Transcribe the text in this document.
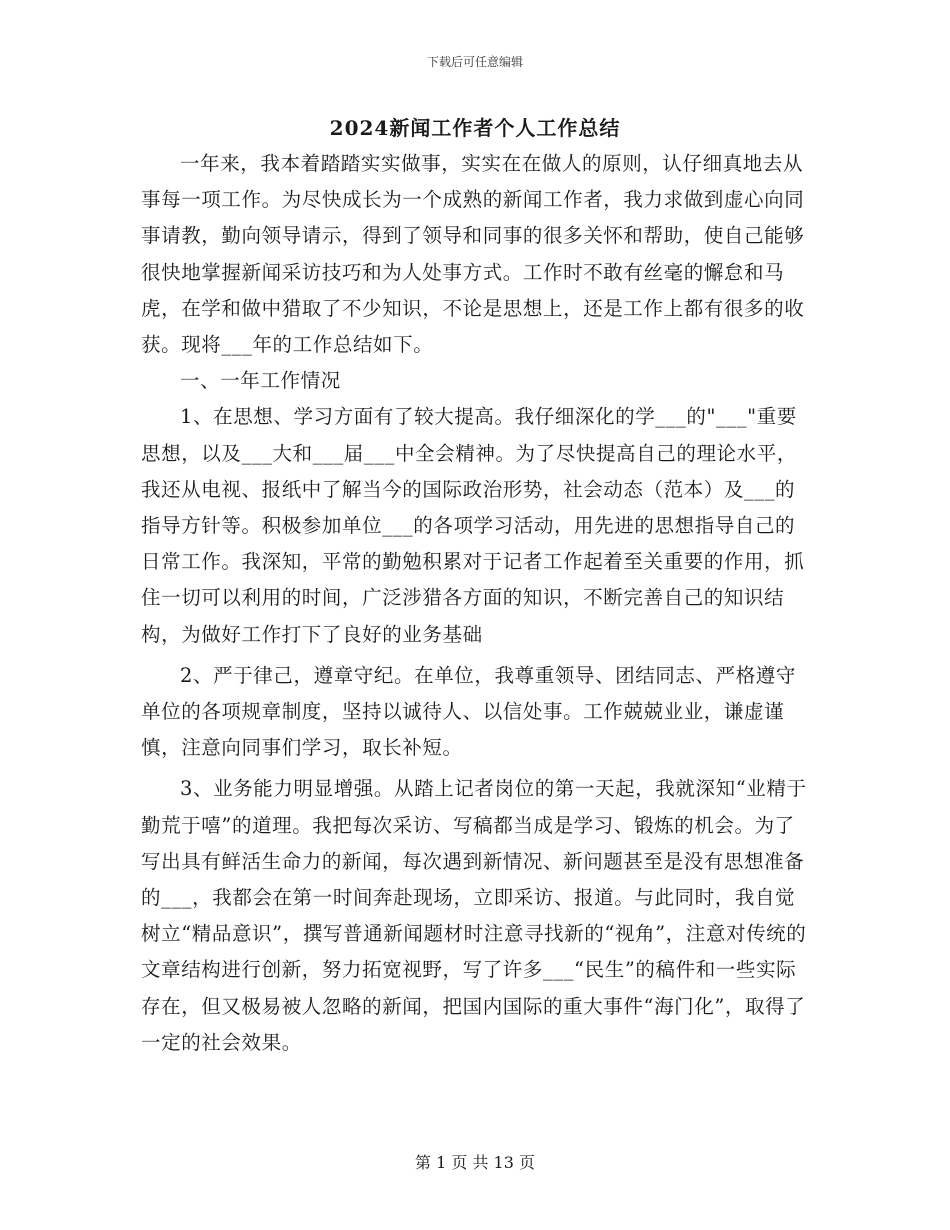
下载后可任意编辑
2024新闻工作者个人工作总结

一年来，我本着踏踏实实做事，实实在在做人的原则，认仔细真地去从事每一项工作。为尽快成长为一个成熟的新闻工作者，我力求做到虚心向同事请教，勤向领导请示，得到了领导和同事的很多关怀和帮助，使自己能够很快地掌握新闻采访技巧和为人处事方式。工作时不敢有丝毫的懈怠和马虎，在学和做中猎取了不少知识，不论是思想上，还是工作上都有很多的收获。现将___年的工作总结如下。

一、一年工作情况

1、在思想、学习方面有了较大提高。我仔细深化的学___的"___"重要思想，以及___大和___届___中全会精神。为了尽快提高自己的理论水平，我还从电视、报纸中了解当今的国际政治形势，社会动态（范本）及___的指导方针等。积极参加单位___的各项学习活动，用先进的思想指导自己的日常工作。我深知，平常的勤勉积累对于记者工作起着至关重要的作用，抓住一切可以利用的时间，广泛涉猎各方面的知识，不断完善自己的知识结构，为做好工作打下了良好的业务基础

2、严于律己，遵章守纪。在单位，我尊重领导、团结同志、严格遵守单位的各项规章制度，坚持以诚待人、以信处事。工作兢兢业业，谦虚谨慎，注意向同事们学习，取长补短。

3、业务能力明显增强。从踏上记者岗位的第一天起，我就深知“业精于勤荒于嘻”的道理。我把每次采访、写稿都当成是学习、锻炼的机会。为了写出具有鲜活生命力的新闻，每次遇到新情况、新问题甚至是没有思想准备的___，我都会在第一时间奔赴现场，立即采访、报道。与此同时，我自觉树立“精品意识”，撰写普通新闻题材时注意寻找新的“视角”，注意对传统的文章结构进行创新，努力拓宽视野，写了许多___“民生”的稿件和一些实际存在，但又极易被人忽略的新闻，把国内国际的重大事件“海门化”，取得了一定的社会效果。

第 1 页 共 13 页
